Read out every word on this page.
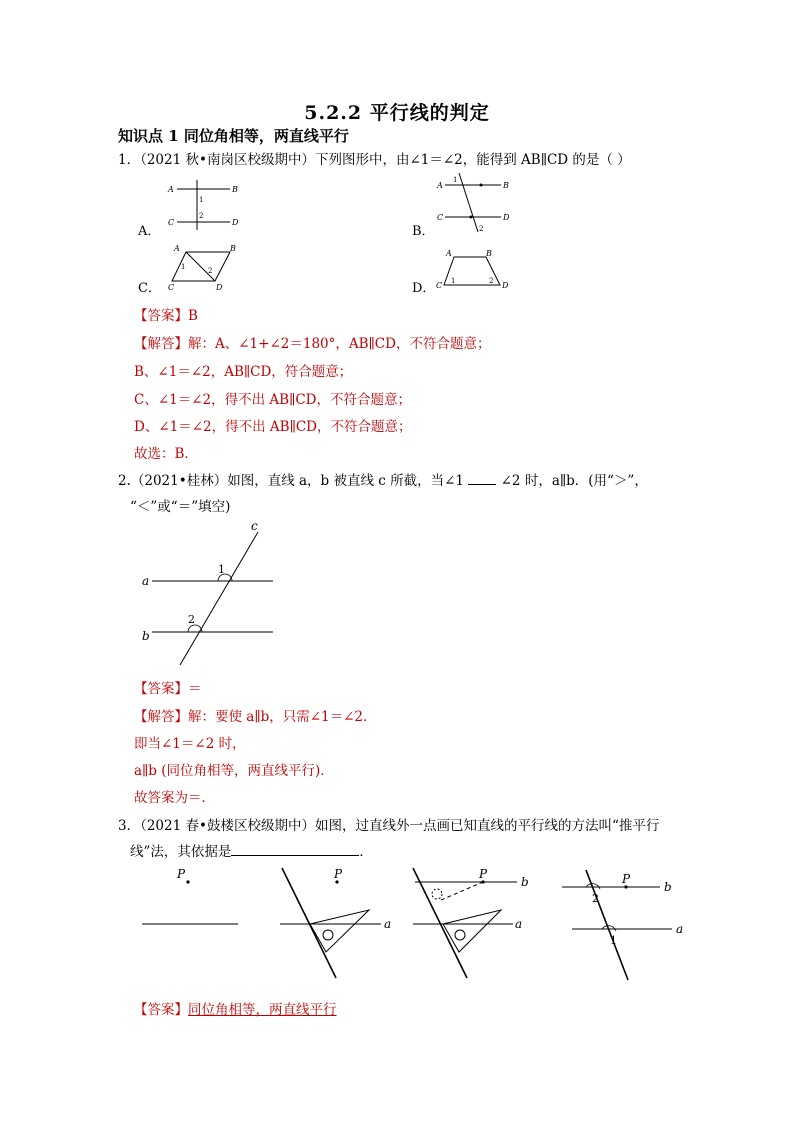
5.2.2 平行线的判定
知识点 1 同位角相等，两直线平行
1．（2021 秋•南岗区校级期中）下列图形中，由∠1＝∠2，能得到 AB∥CD 的是（ ）
A．	B．
C．	D．
A	B
C	D
1
2
A	B
C	D
1
2
A	B
C	D
1	2
A	B
C	D
1	2
【答案】B
【解答】解：A、∠1+∠2＝180°，AB∥CD，不符合题意；
B、∠1＝∠2，AB∥CD，符合题意；
C、∠1＝∠2，得不出 AB∥CD，不符合题意；
D、∠1＝∠2，得不出 AB∥CD，不符合题意；
故选：B．
2.（2021•桂林）如图，直线 a，b 被直线 c 所截，当∠1	∠2 时，a∥b．(用“＞”，
“＜”或“＝”填空)
a
b
c
1
2
【答案】＝
【解答】解：要使 a∥b，只需∠1＝∠2．
即当∠1＝∠2 时，
a∥b (同位角相等，两直线平行)．
故答案为＝．
3．（2021 春•鼓楼区校级期中）如图，过直线外一点画已知直线的平行线的方法叫“推平行
线”法，其依据是	．
P	P
a
P
b
a
P
b
a
2
1
【答案】同位角相等，两直线平行
